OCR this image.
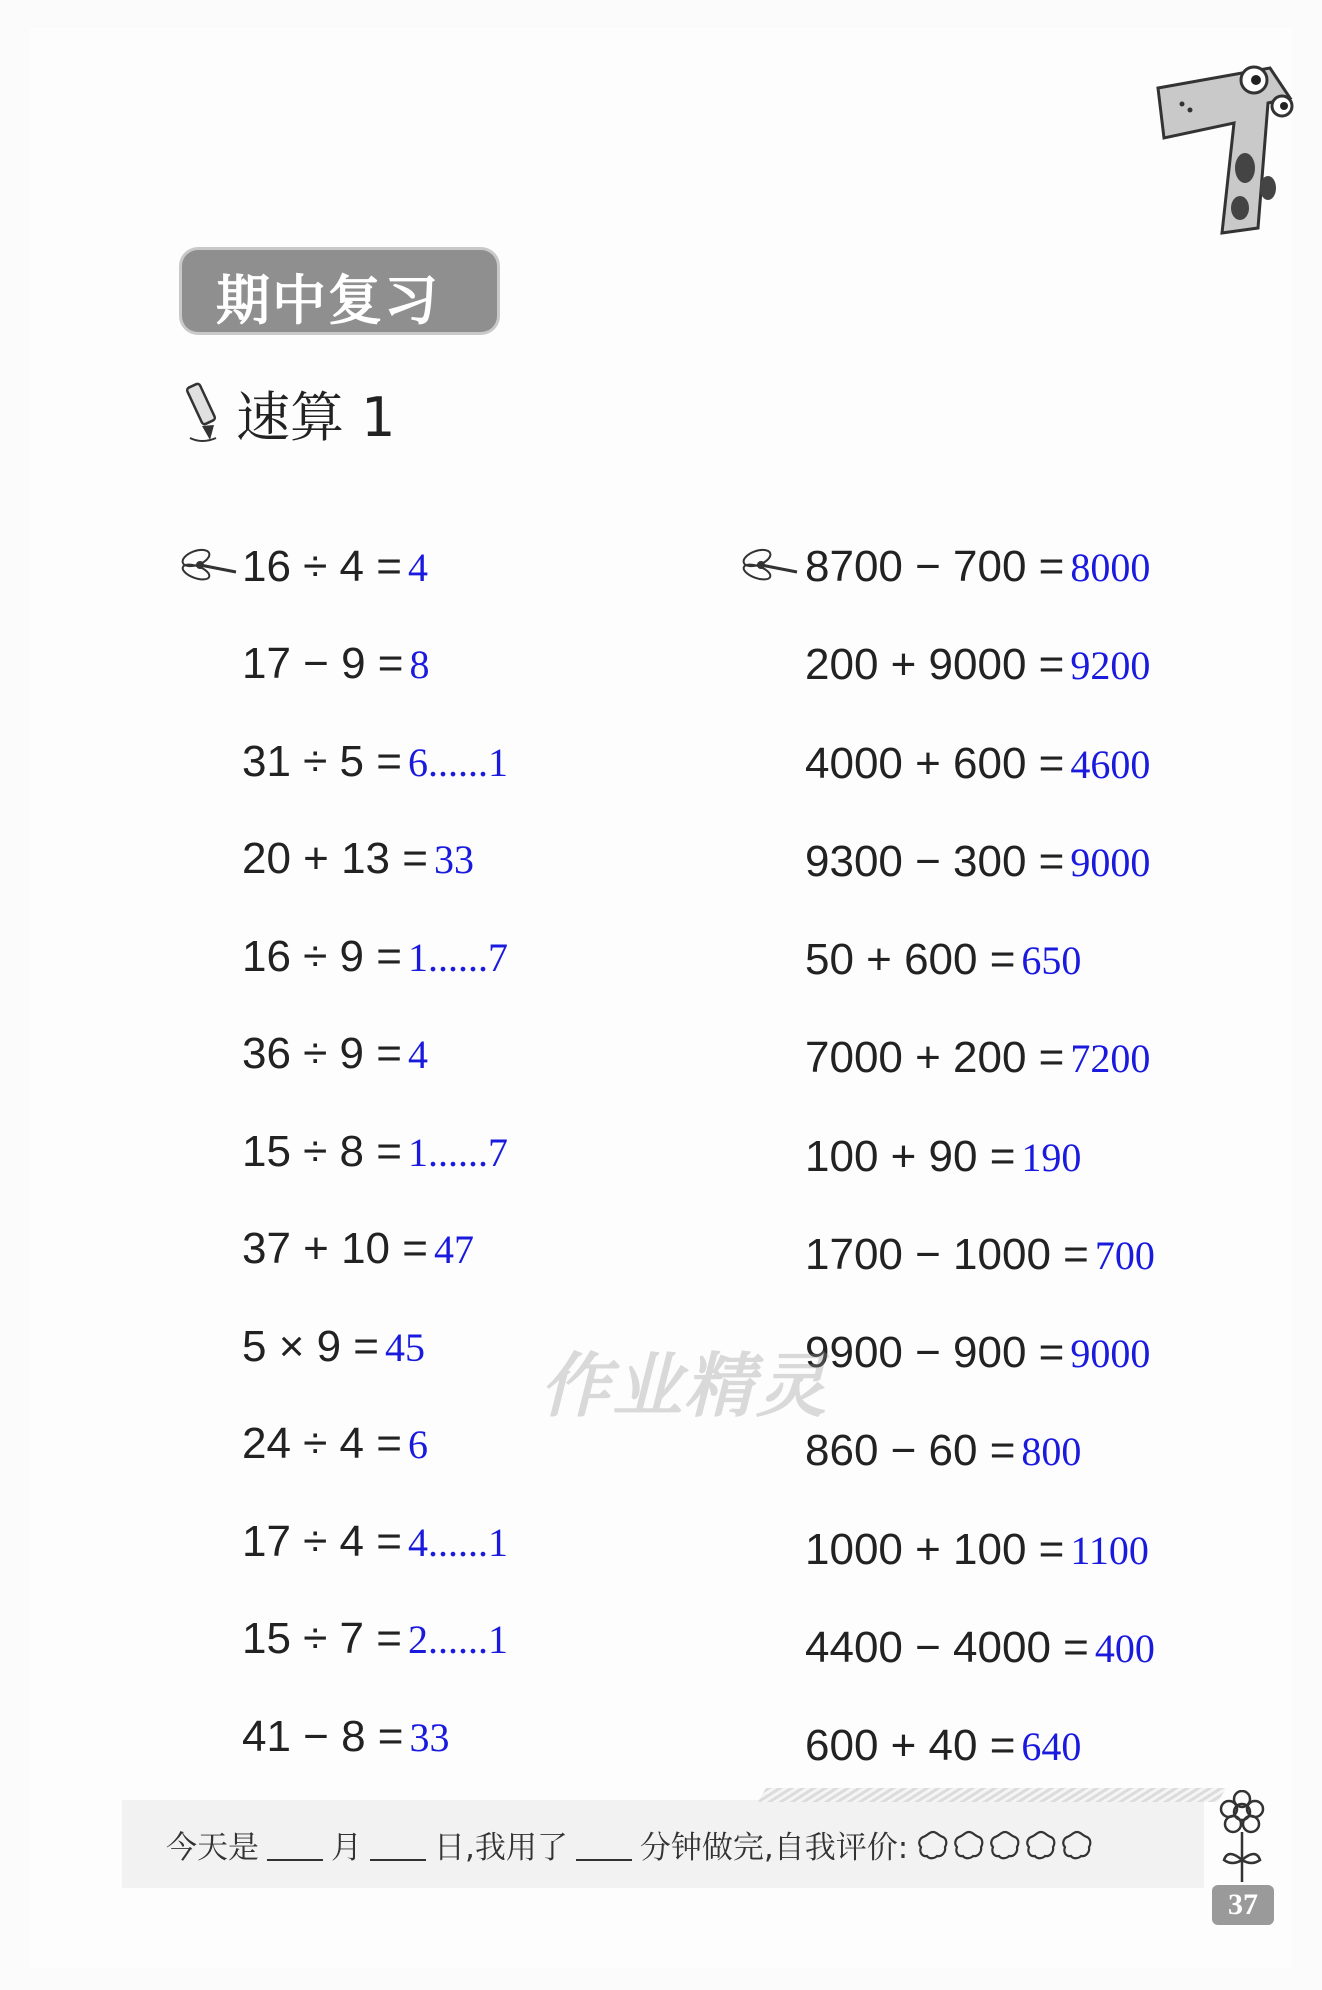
期中复习
速算 1
16 ÷ 4 = 4
17 − 9 = 8
31 ÷ 5 = 6......1
20 + 13 = 33
16 ÷ 9 = 1......7
36 ÷ 9 = 4
15 ÷ 8 = 1......7
37 + 10 = 47
5 × 9 = 45
24 ÷ 4 = 6
17 ÷ 4 = 4......1
15 ÷ 7 = 2......1
41 − 8 = 33
8700 − 700 = 8000
200 + 9000 = 9200
4000 + 600 = 4600
9300 − 300 = 9000
50 + 600 = 650
7000 + 200 = 7200
100 + 90 = 190
1700 − 1000 = 700
9900 − 900 = 9000
860 − 60 = 800
1000 + 100 = 1100
4400 − 4000 = 400
600 + 40 = 640
作业精灵
今天是 月 日,我用了 分钟做完,自我评价:
37
